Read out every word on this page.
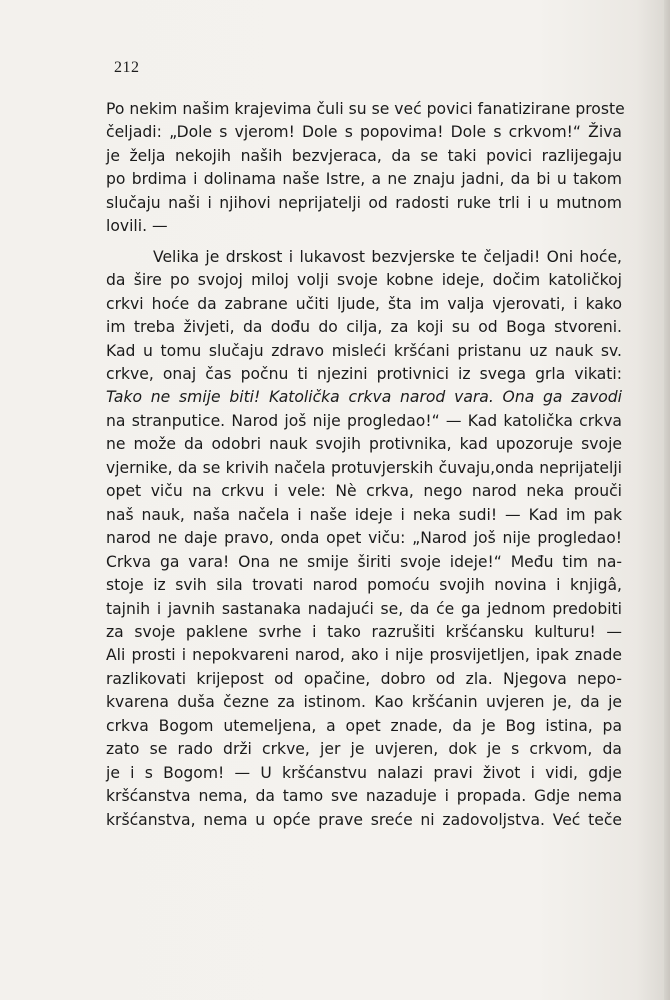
212

Po nekim našim krajevima čuli su se već povici fanatizirane proste
čeljadi: „Dole s vjerom! Dole s popovima! Dole s crkvom!“ Živa
je želja nekojih naših bezvjeraca, da se taki povici razlijegaju
po brdima i dolinama naše Istre, a ne znaju jadni, da bi u takom
slučaju naši i njihovi neprijatelji od radosti ruke trli i u mutnom
lovili. —

Velika je drskost i lukavost bezvjerske te čeljadi! Oni hoće,
da šire po svojoj miloj volji svoje kobne ideje, dočim katoličkoj
crkvi hoće da zabrane učiti ljude, šta im valja vjerovati, i kako
im treba živjeti, da dođu do cilja, za koji su od Boga stvoreni.
Kad u tomu slučaju zdravo misleći kršćani pristanu uz nauk sv.
crkve, onaj čas počnu ti njezini protivnici iz svega grla vikati:
Tako ne smije biti! Katolička crkva narod vara. Ona ga zavodi
na stranputice. Narod još nije progledao!“ — Kad katolička crkva
ne može da odobri nauk svojih protivnika, kad upozoruje svoje
vjernike, da se krivih načela protuvjerskih čuvaju,onda neprijatelji
opet viču na crkvu i vele: Nè crkva, nego narod neka prouči
naš nauk, naša načela i naše ideje i neka sudi! — Kad im pak
narod ne daje pravo, onda opet viču: „Narod još nije progledao!
Crkva ga vara! Ona ne smije širiti svoje ideje!“ Među tim na-
stoje iz svih sila trovati narod pomoću svojih novina i knjigâ,
tajnih i javnih sastanaka nadajući se, da će ga jednom predobiti
za svoje paklene svrhe i tako razrušiti kršćansku kulturu! —
Ali prosti i nepokvareni narod, ako i nije prosvijetljen, ipak znade
razlikovati krijepost od opačine, dobro od zla. Njegova nepo-
kvarena duša čezne za istinom. Kao kršćanin uvjeren je, da je
crkva Bogom utemeljena, a opet znade, da je Bog istina, pa
zato se rado drži crkve, jer je uvjeren, dok je s crkvom, da
je i s Bogom! — U kršćanstvu nalazi pravi život i vidi, gdje
kršćanstva nema, da tamo sve nazaduje i propada. Gdje nema
kršćanstva, nema u opće prave sreće ni zadovoljstva. Već teče
